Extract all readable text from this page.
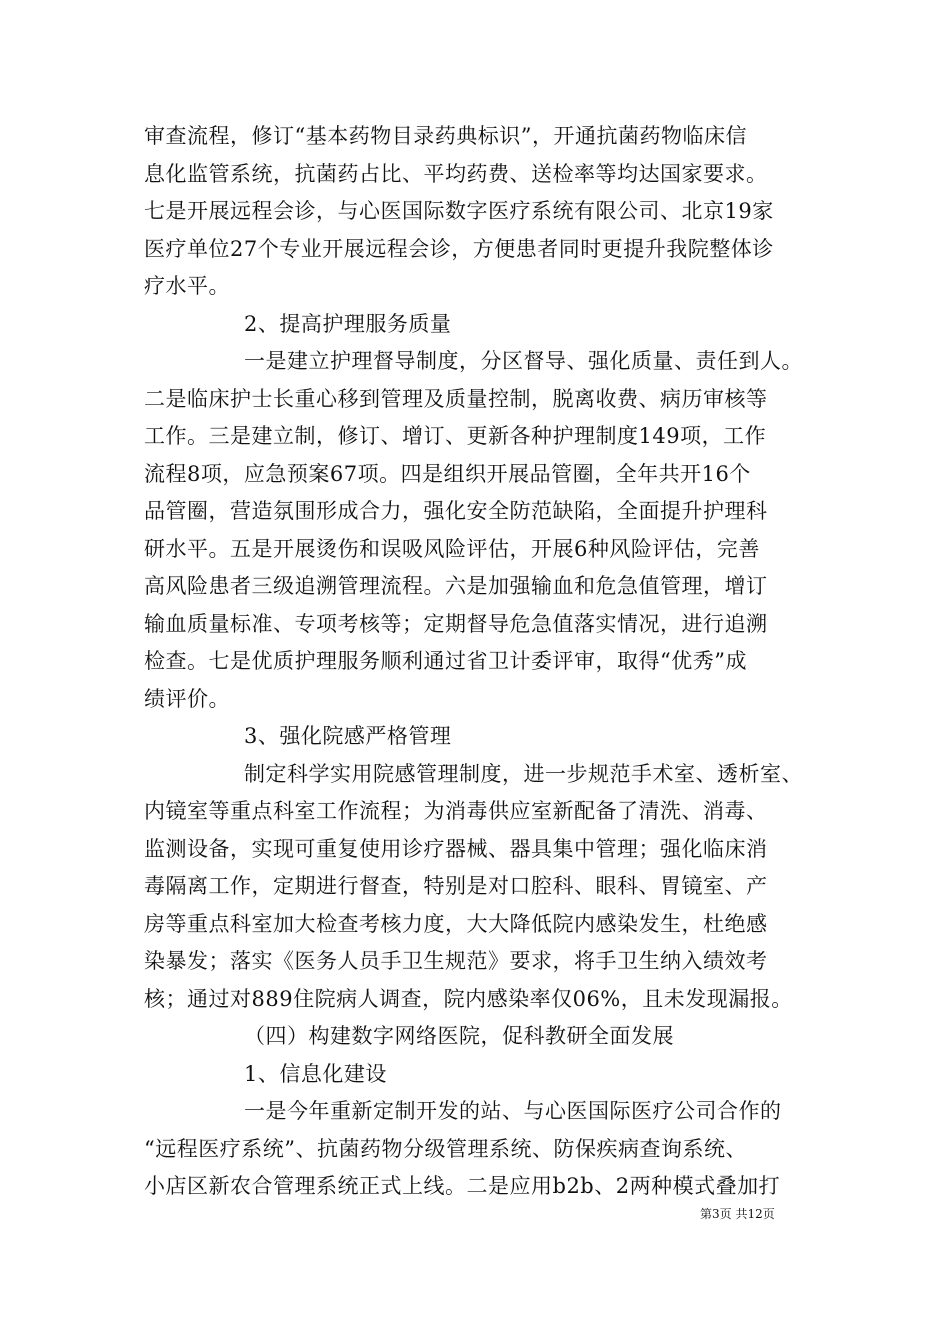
审查流程，修订“基本药物目录药典标识”，开通抗菌药物临床信
息化监管系统，抗菌药占比、平均药费、送检率等均达国家要求。
七是开展远程会诊，与心医国际数字医疗系统有限公司、北京19家
医疗单位27个专业开展远程会诊，方便患者同时更提升我院整体诊
疗水平。
2、提高护理服务质量
一是建立护理督导制度，分区督导、强化质量、责任到人。
二是临床护士长重心移到管理及质量控制，脱离收费、病历审核等
工作。三是建立制，修订、增订、更新各种护理制度149项，工作
流程8项，应急预案67项。四是组织开展品管圈，全年共开16个
品管圈，营造氛围形成合力，强化安全防范缺陷，全面提升护理科
研水平。五是开展烫伤和误吸风险评估，开展6种风险评估，完善
高风险患者三级追溯管理流程。六是加强输血和危急值管理，增订
输血质量标准、专项考核等；定期督导危急值落实情况，进行追溯
检查。七是优质护理服务顺利通过省卫计委评审，取得“优秀”成
绩评价。
3、强化院感严格管理
制定科学实用院感管理制度，进一步规范手术室、透析室、
内镜室等重点科室工作流程；为消毒供应室新配备了清洗、消毒、
监测设备，实现可重复使用诊疗器械、器具集中管理；强化临床消
毒隔离工作，定期进行督查，特别是对口腔科、眼科、胃镜室、产
房等重点科室加大检查考核力度，大大降低院内感染发生，杜绝感
染暴发；落实《医务人员手卫生规范》要求，将手卫生纳入绩效考
核；通过对889住院病人调查，院内感染率仅06%，且未发现漏报。
（四）构建数字网络医院，促科教研全面发展
1、信息化建设
一是今年重新定制开发的站、与心医国际医疗公司合作的
“远程医疗系统”、抗菌药物分级管理系统、防保疾病查询系统、
小店区新农合管理系统正式上线。二是应用b2b、2两种模式叠加打
第3页 共12页
